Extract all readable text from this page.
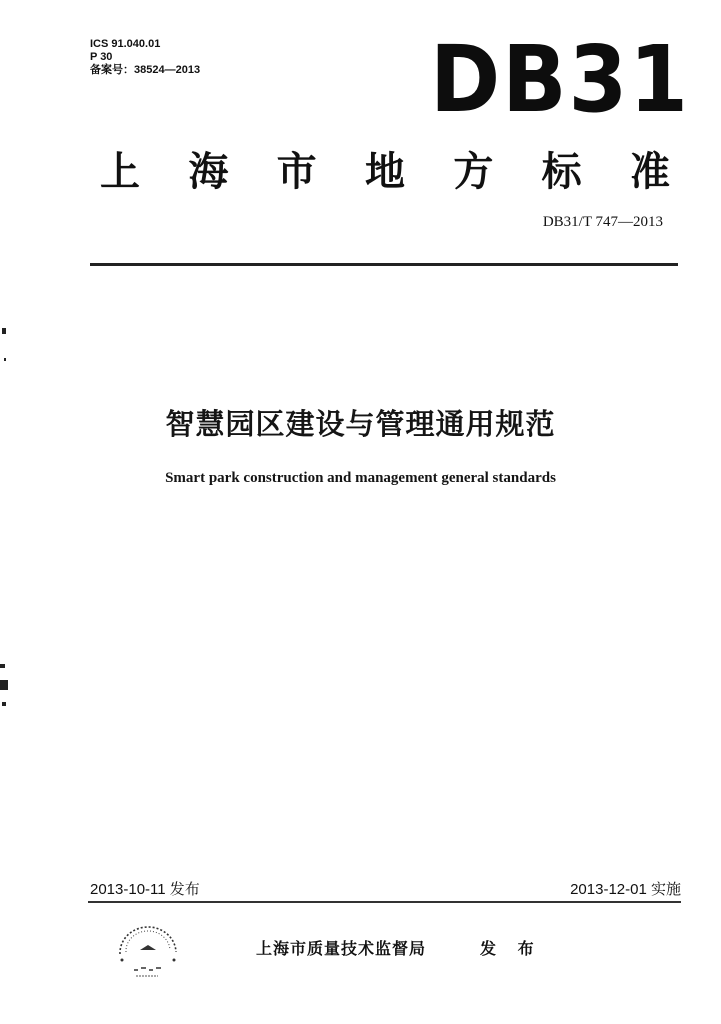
ICS 91.040.01
P 30
备案号：38524—2013 DB31
上 海 市 地 方 标 准
DB31/T 747—2013
智慧园区建设与管理通用规范
Smart park construction and management general standards
2013-10-11 发布	2013-12-01 实施
上海市质量技术监督局	发 布
